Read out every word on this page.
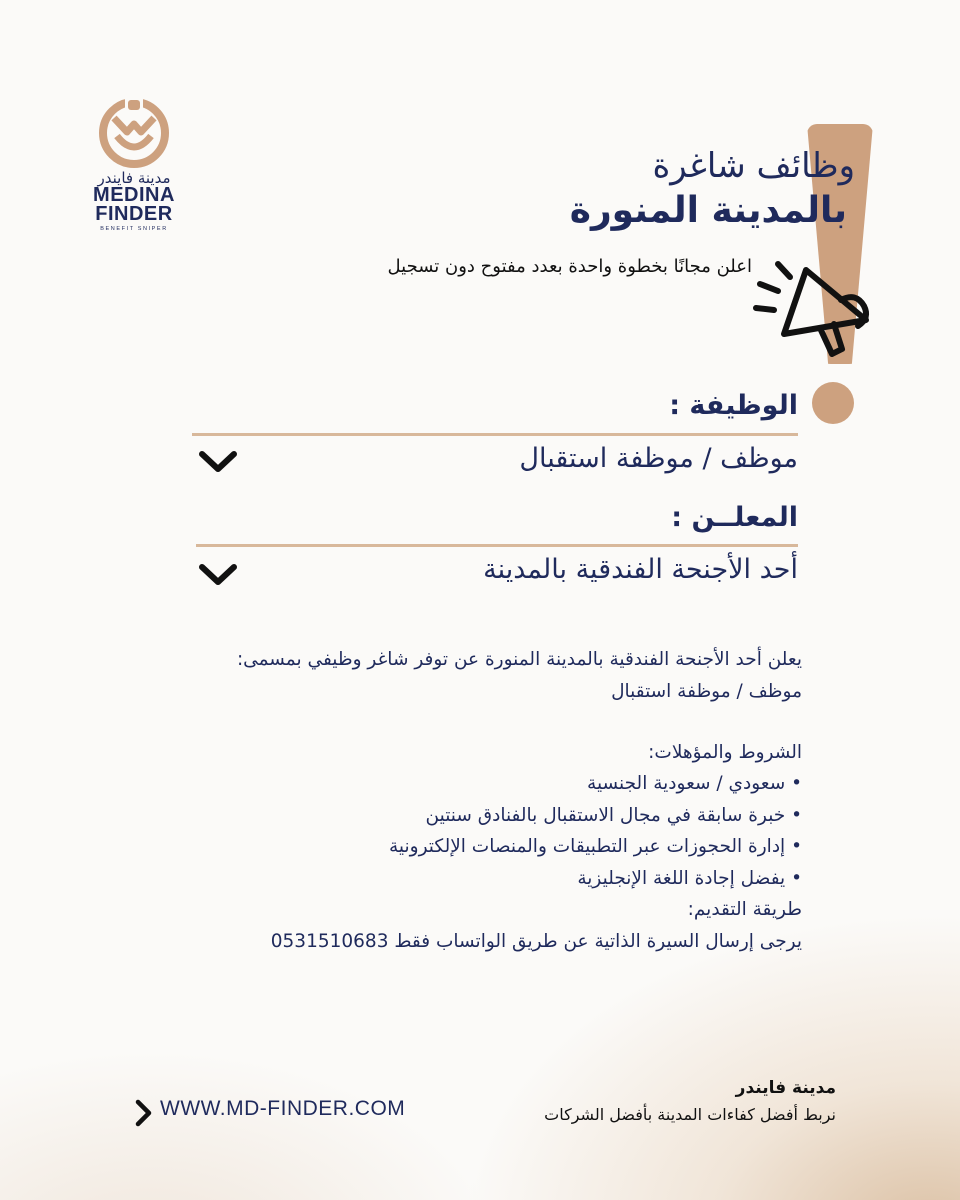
مدينة فايندر
MEDINA
FINDER
BENEFIT SNIPER
وظائف شاغرة
بالمدينة المنورة
اعلن مجانًا بخطوة واحدة بعدد مفتوح دون تسجيل
الوظيفة :
موظف / موظفة استقبال
المعلــن :
أحد الأجنحة الفندقية بالمدينة
يعلن أحد الأجنحة الفندقية بالمدينة المنورة عن توفر شاغر وظيفي بمسمى:
موظف / موظفة استقبال
الشروط والمؤهلات:
• سعودي / سعودية الجنسية
• خبرة سابقة في مجال الاستقبال بالفنادق سنتين
• إدارة الحجوزات عبر التطبيقات والمنصات الإلكترونية
• يفضل إجادة اللغة الإنجليزية
طريقة التقديم:
يرجى إرسال السيرة الذاتية عن طريق الواتساب فقط 0531510683
مدينة فايندر
نربط أفضل كفاءات المدينة بأفضل الشركات
WWW.MD-FINDER.COM
